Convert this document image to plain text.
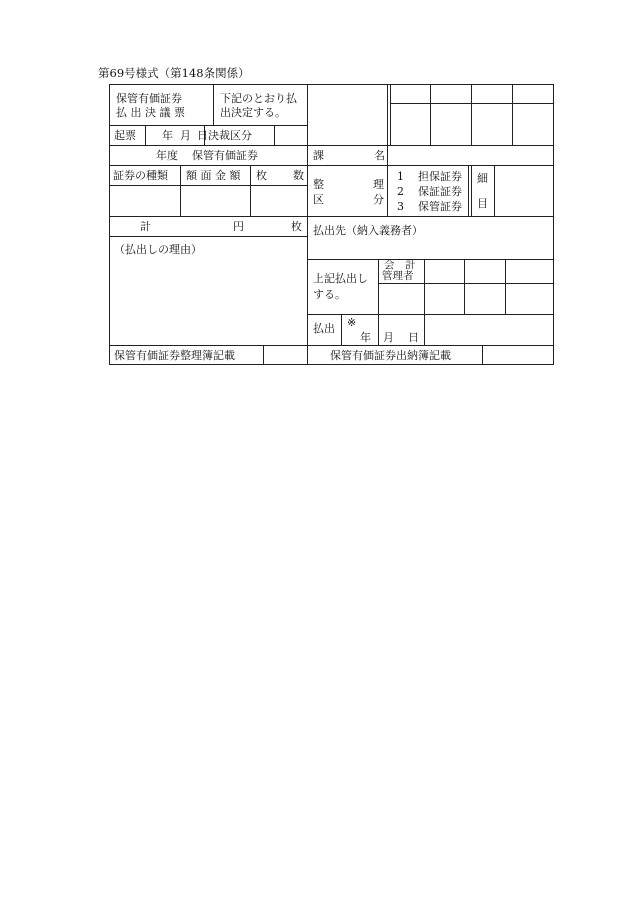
第69号様式（第148条関係）
保管有価証券
払 出 決 議 票
下記のとおり払
出決定する。
起票 年 月 日 決裁区分
年度 保管有価証券	課	名
証券の種類 額 面 金 額 枚 数
整	理
区	分
1 担保証券
2 保証証券
3 保管証券
細
目
計	円	枚 払出先（納入義務者）
（払出しの理由）
上記払出し
する。
会　計
管理者
払出 ※
年 月 日
保管有価証券整理簿記載	保管有価証券出納簿記載
